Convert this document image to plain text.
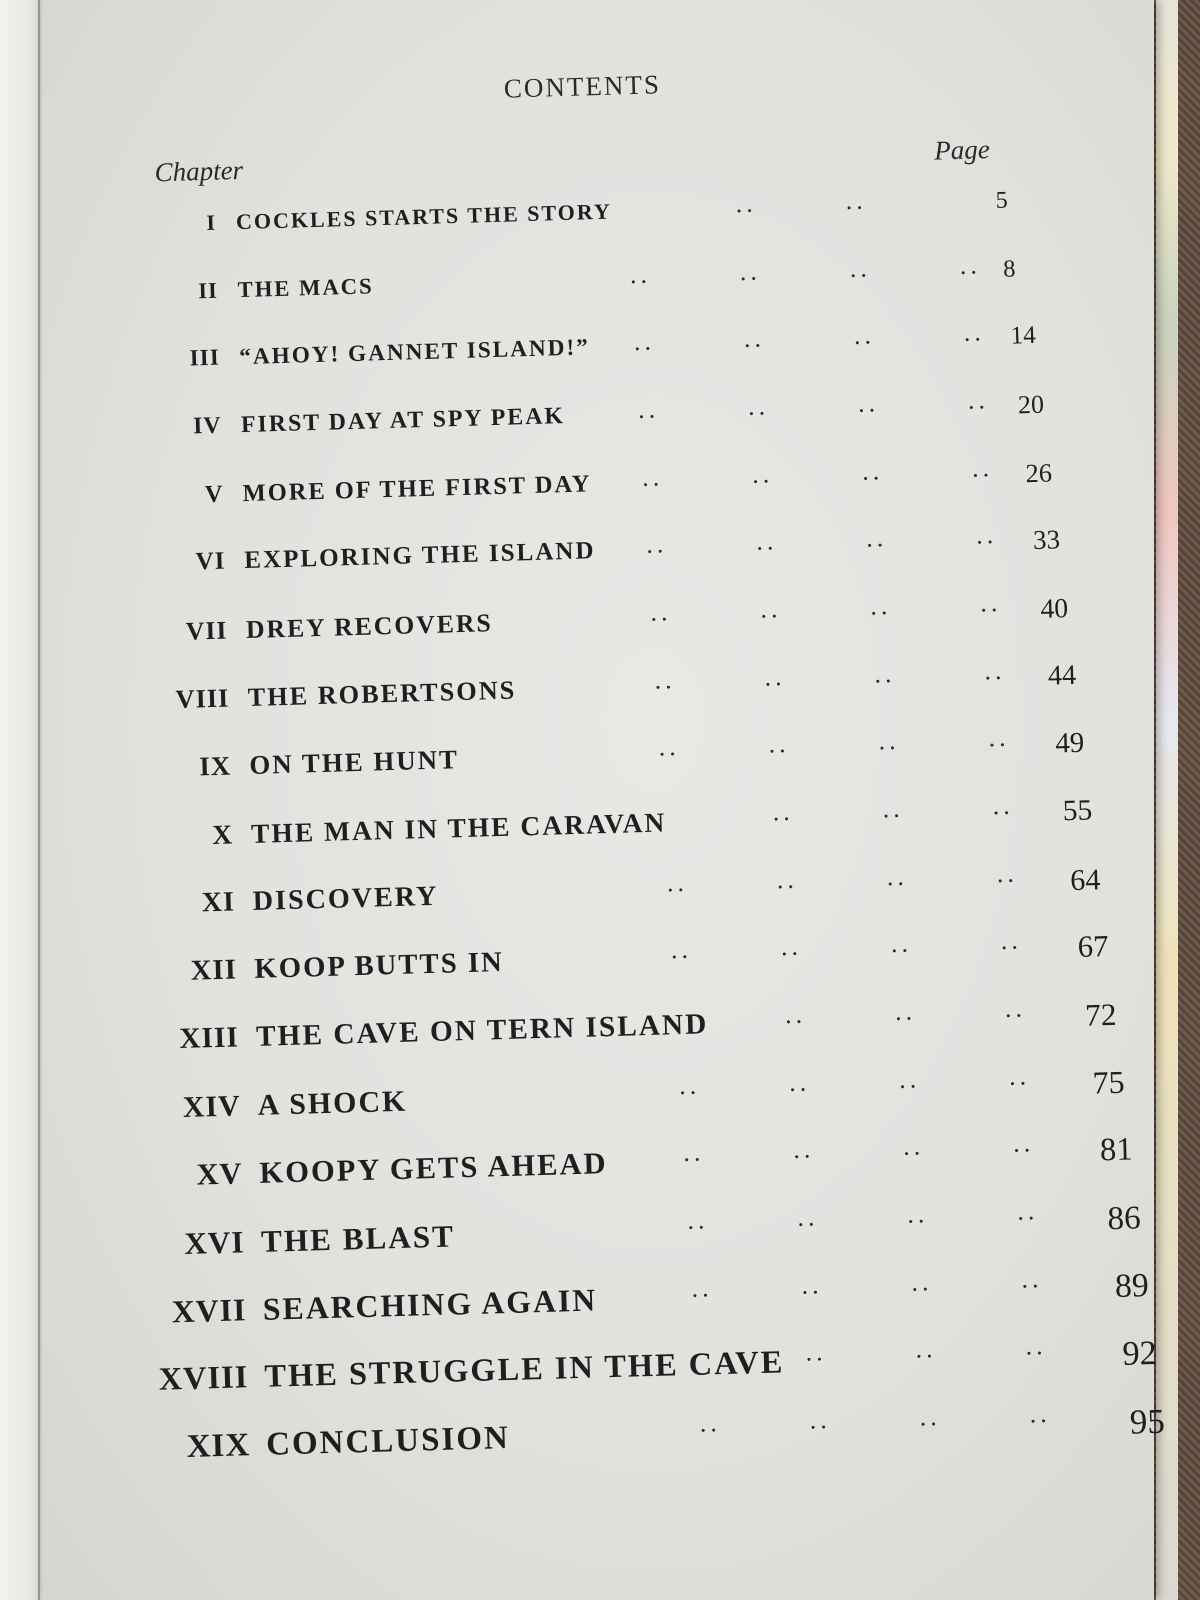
CONTENTS
Chapter
Page
I COCKLES STARTS THE STORY	..	..	5
II THE MACS	..	..	..	.. 8
III “AHOY! GANNET ISLAND!” ..	..	..	.. 14
IV FIRST DAY AT SPY PEAK	..	..	..	.. 20
V MORE OF THE FIRST DAY ..	..	..	.. 26
VI EXPLORING THE ISLAND ..	..	..	.. 33
VII DREY RECOVERS	..	..	..	.. 40
VIII THE ROBERTSONS	..	..	..	.. 44
IX ON THE HUNT	..	..	..	.. 49
X THE MAN IN THE CARAVAN	..	..	.. 55
XI DISCOVERY	..	..	..	.. 64
XII KOOP BUTTS IN	..	..	..	.. 67
XIII THE CAVE ON TERN ISLAND	..	..	.. 72
XIV A SHOCK	..	..	..	.. 75
XV KOOPY GETS AHEAD	..	..	..	.. 81
XVI THE BLAST	..	..	..	.. 86
XVII SEARCHING AGAIN	..	..	..	.. 89
XVIII THE STRUGGLE IN THE CAVE ..	..	.. 92
XIX CONCLUSION	..	..	..	.. 95
